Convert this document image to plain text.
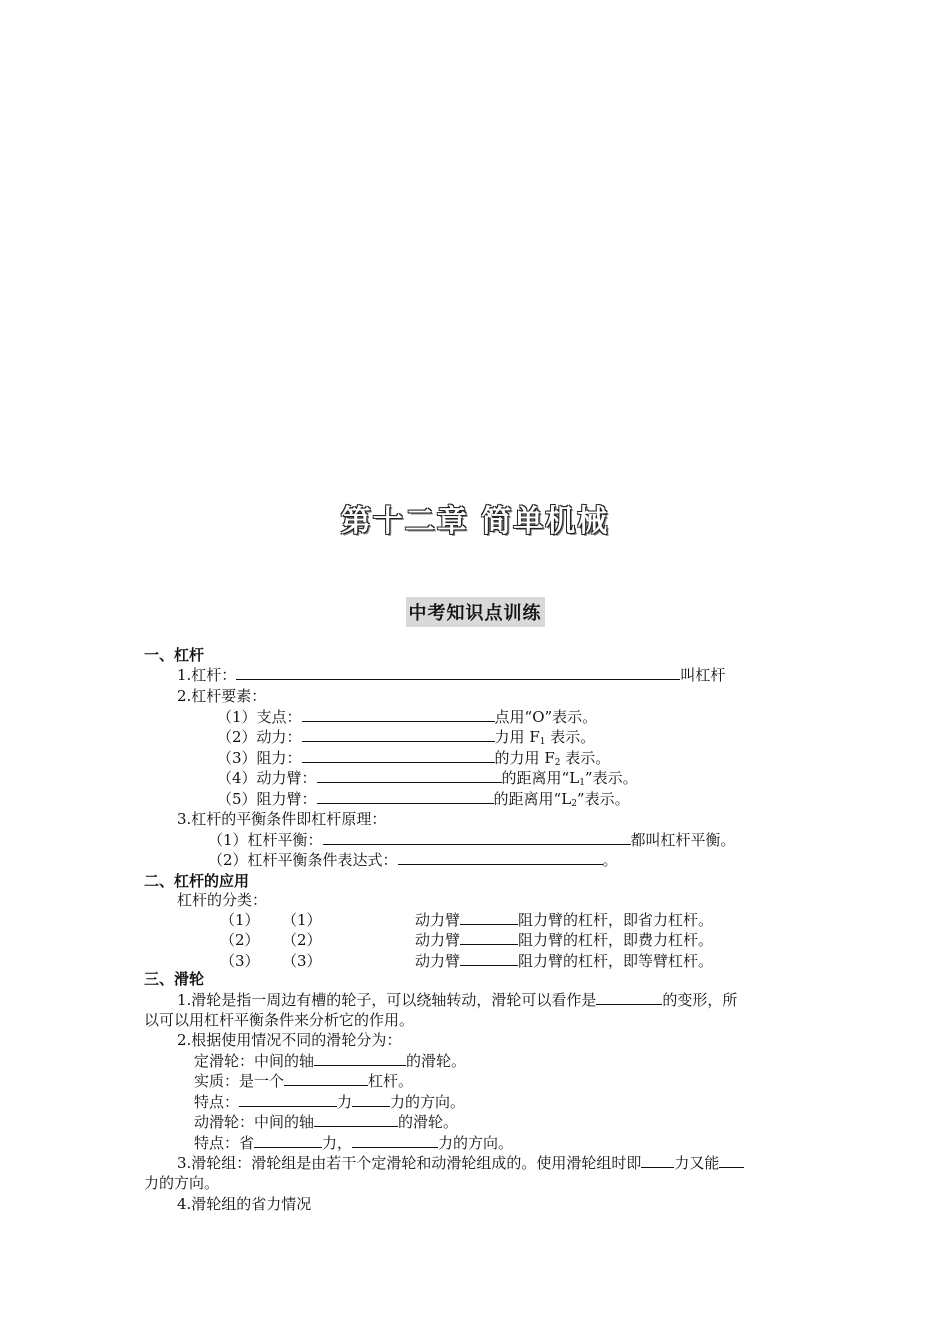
第十二章 简单机械
中考知识点训练
一、杠杆
1.杠杆：	叫杠杆
2.杠杆要素：
（1）支点：	点用“O”表示。
（2）动力：	力用 $F_1$ 表示。
（3）阻力：	的力用 $F_2$ 表示。
（4）动力臂：	的距离用“$L_1$”表示。
（5）阻力臂：	的距离用“$L_2$”表示。
3.杠杆的平衡条件即杠杆原理：
（1）杠杆平衡：	都叫杠杆平衡。
（2）杠杆平衡条件表达式：	。
二、杠杆的应用
杠杆的分类：
（1） （1）	动力臂	阻力臂的杠杆，即省力杠杆。
（2） （2）	动力臂	阻力臂的杠杆，即费力杠杆。
（3） （3）	动力臂	阻力臂的杠杆，即等臂杠杆。
三、滑轮
1.滑轮是指一周边有槽的轮子，可以绕轴转动，滑轮可以看作是	的变形，所
以可以用杠杆平衡条件来分析它的作用。
2.根据使用情况不同的滑轮分为：
定滑轮：中间的轴	的滑轮。
实质：是一个	杠杆。
特点：	力	力的方向。
动滑轮：中间的轴	的滑轮。
特点：省	力，	力的方向。
3.滑轮组：滑轮组是由若干个定滑轮和动滑轮组成的。使用滑轮组时即 力又能
力的方向。
4.滑轮组的省力情况
